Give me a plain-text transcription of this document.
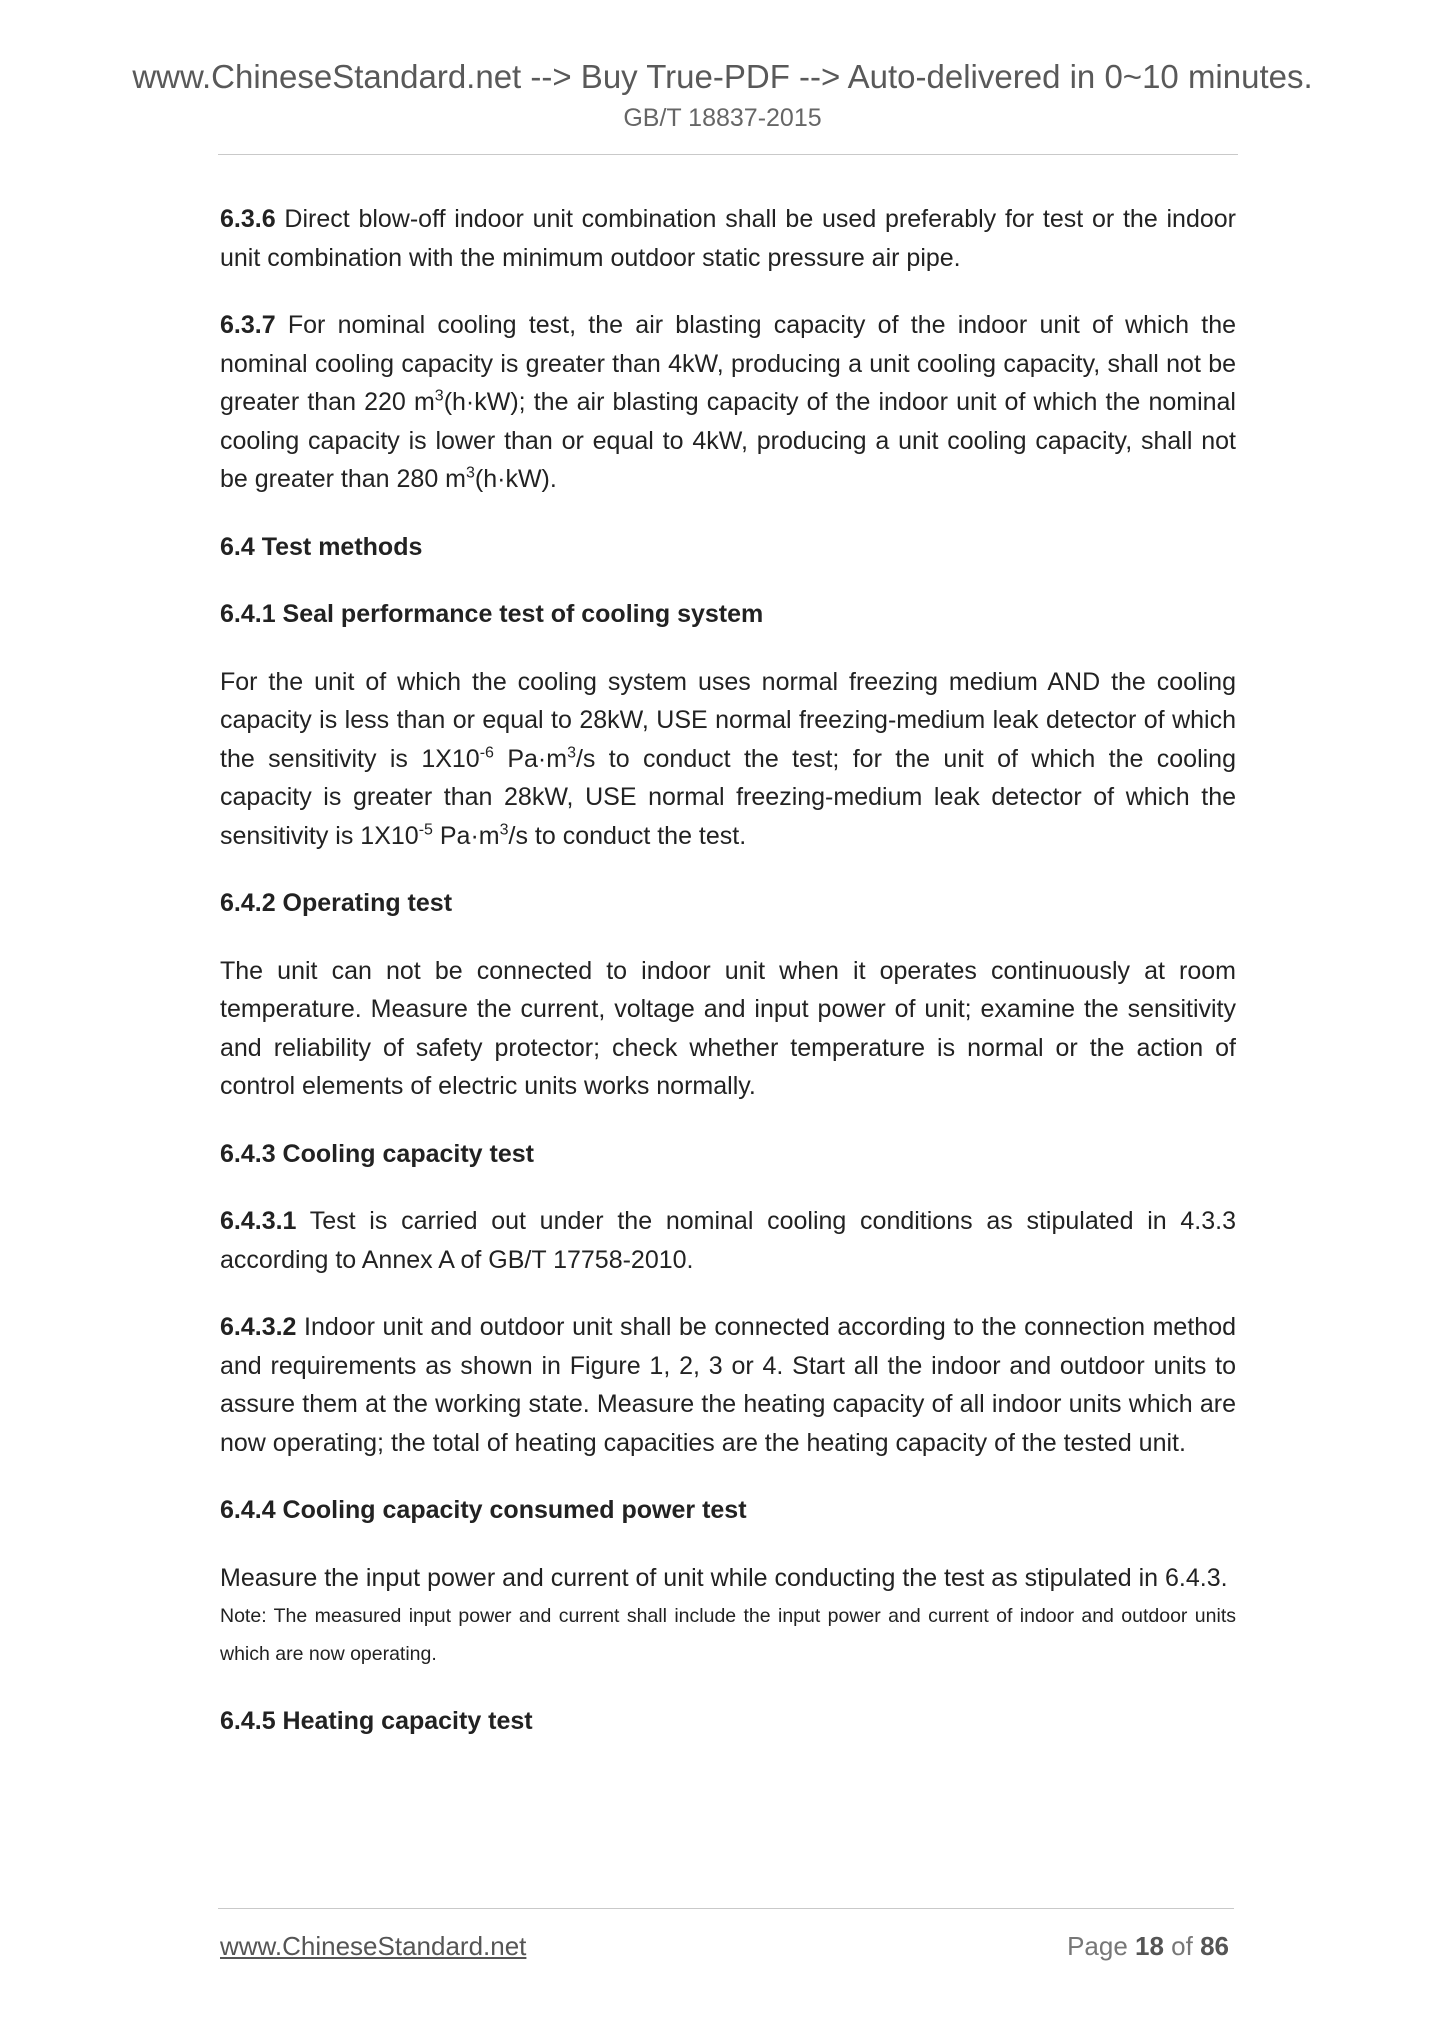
www.ChineseStandard.net --> Buy True-PDF --> Auto-delivered in 0~10 minutes.
GB/T 18837-2015

6.3.6 Direct blow-off indoor unit combination shall be used preferably for test or the indoor unit combination with the minimum outdoor static pressure air pipe.

6.3.7 For nominal cooling test, the air blasting capacity of the indoor unit of which the nominal cooling capacity is greater than 4kW, producing a unit cooling capacity, shall not be greater than 220 $m^3(h\cdot kW)$; the air blasting capacity of the indoor unit of which the nominal cooling capacity is lower than or equal to 4kW, producing a unit cooling capacity, shall not be greater than 280 $m^3(h\cdot kW)$.

6.4 Test methods
6.4.1 Seal performance test of cooling system

For the unit of which the cooling system uses normal freezing medium AND the cooling capacity is less than or equal to 28kW, USE normal freezing-medium leak detector of which the sensitivity is $1X10^{-6}$ $Pa\cdot m^3/s$ to conduct the test; for the unit of which the cooling capacity is greater than 28kW, USE normal freezing-medium leak detector of which the sensitivity is $1X10^{-5}$ $Pa\cdot m^3/s$ to conduct the test.

6.4.2 Operating test

The unit can not be connected to indoor unit when it operates continuously at room temperature. Measure the current, voltage and input power of unit; examine the sensitivity and reliability of safety protector; check whether temperature is normal or the action of control elements of electric units works normally.

6.4.3 Cooling capacity test

6.4.3.1 Test is carried out under the nominal cooling conditions as stipulated in 4.3.3 according to Annex A of GB/T 17758-2010.

6.4.3.2 Indoor unit and outdoor unit shall be connected according to the connection method and requirements as shown in Figure 1, 2, 3 or 4. Start all the indoor and outdoor units to assure them at the working state. Measure the heating capacity of all indoor units which are now operating; the total of heating capacities are the heating capacity of the tested unit.

6.4.4 Cooling capacity consumed power test

Measure the input power and current of unit while conducting the test as stipulated in 6.4.3.

Note: The measured input power and current shall include the input power and current of indoor and outdoor units which are now operating.

6.4.5 Heating capacity test
www.ChineseStandard.net	Page 18 of 86
